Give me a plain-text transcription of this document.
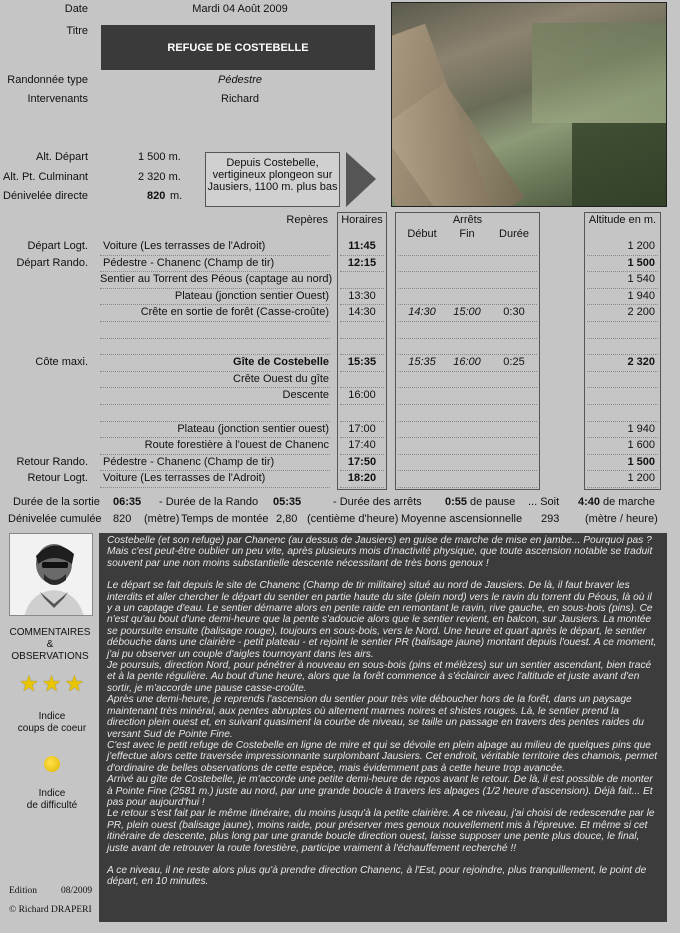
Date	Mardi 04 Août 2009
Titre
REFUGE DE COSTEBELLE
Randonnée type	Pédestre
Intervenants	Richard
Alt. Départ	1 500 m.
Alt. Pt. Culminant	2 320 m.
Dénivelée directe	820 m.
Depuis Costebelle, vertigineux plongeon sur Jausiers, 1100 m. plus bas
Repères	Horaires	Arrêts
Début	Fin	Durée
Altitude en m.
Départ Logt. Voiture (Les terrasses de l'Adroit)	11:45	1 200
Départ Rando. Pédestre - Chanenc (Champ de tir)	12:15	1 500
Sentier au Torrent des Péous (captage au nord)	1 540
Plateau (jonction sentier Ouest)	13:30	1 940
Crête en sortie de forêt (Casse-croûte)	14:30	14:30	15:00	0:30	2 200
Côte maxi.	Gîte de Costebelle	15:35	15:35	16:00	0:25	2 320
Crête Ouest du gîte
Descente	16:00
Plateau (jonction sentier ouest)	17:00	1 940
Route forestière à l'ouest de Chanenc	17:40	1 600
Retour Rando. Pédestre - Chanenc (Champ de tir)	17:50	1 500
Retour Logt. Voiture (Les terrasses de l'Adroit)	18:20	1 200
Durée de la sortie 06:35 - Durée de la Rando 05:35	- Durée des arrêts 0:55 de pause ... Soit 4:40 de marche
Dénivelée cumulée 820 (mètre) Temps de montée 2,80 (centième d'heure) Moyenne ascensionnelle 293 (mètre / heure)
COMMENTAIRES
&
OBSERVATIONS
★ ★ ★
Indice
coups de coeur
Indice
de difficulté
Edition	08/2009
© Richard DRAPERI

Costebelle (et son refuge) par Chanenc (au dessus de Jausiers) en guise de marche de mise en jambe... Pourquoi pas ? Mais c'est peut-être oublier un peu vite, après plusieurs mois d'inactivité physique, que toute ascension notable se traduit souvent par une non moins substantielle descente nécessitant de très bons genoux !

Le départ se fait depuis le site de Chanenc (Champ de tir militaire) situé au nord de Jausiers. De là, il faut braver les interdits et aller chercher le départ du sentier en partie haute du site (plein nord) vers le ravin du torrent du Péous, là où il y a un captage d'eau. Le sentier démarre alors en pente raide en remontant le ravin, rive gauche, en sous-bois (pins). Ce n'est qu'au bout d'une demi-heure que la pente s'adoucie alors que le sentier revient, en balcon, sur Jausiers. La montée se poursuite ensuite (balisage rouge), toujours en sous-bois, vers le Nord. Une heure et quart après le départ, le sentier débouche dans une clairière - petit plateau - et rejoint le sentier PR (balisage jaune) montant depuis l'ouest. A ce moment, j'ai pu observer un couple d'aigles tournoyant dans les airs.

Je poursuis, direction Nord, pour pénétrer à nouveau en sous-bois (pins et mélèzes) sur un sentier ascendant, bien tracé et à la pente régulière. Au bout d'une heure, alors que la forêt commence à s'éclaircir avec l'altitude et juste avant d'en sortir, je m'accorde une pause casse-croûte.

Après une demi-heure, je reprends l'ascension du sentier pour très vite déboucher hors de la forêt, dans un paysage maintenant très minéral, aux pentes abruptes où alternent marnes noires et shistes rouges. Là, le sentier prend la direction plein ouest et, en suivant quasiment la courbe de niveau, se taille un passage en travers des pentes raides du versant Sud de Pointe Fine.

C'est avec le petit refuge de Costebelle en ligne de mire et qui se dévoile en plein alpage au milieu de quelques pins que j'effectue alors cette traversée impressionnante surplombant Jausiers. Cet endroit, véritable territoire des chamois, permet d'ordinaire de belles observations de cette espèce, mais évidemment pas à cette heure trop avancée.

Arrivé au gîte de Costebelle, je m'accorde une petite demi-heure de repos avant le retour. De là, il est possible de monter à Pointe Fine (2581 m.) juste au nord, par une grande boucle à travers les alpages (1/2 heure d'ascension). Déjà fait... Et pas pour aujourd'hui !

Le retour s'est fait par le même itinéraire, du moins jusqu'à la petite clairière. A ce niveau, j'ai choisi de redescendre par le PR, plein ouest (balisage jaune), moins raide, pour préserver mes genoux nouvellement mis à l'épreuve. Et même si cet itinéraire de descente, plus long par une grande boucle direction ouest, laisse supposer une pente plus douce, le final, juste avant de retrouver la route forestière, participe vraiment à l'échauffement recherché !!

A ce niveau, il ne reste alors plus qu'à prendre direction Chanenc, à l'Est, pour rejoindre, plus tranquillement, le point de départ, en 10 minutes.
